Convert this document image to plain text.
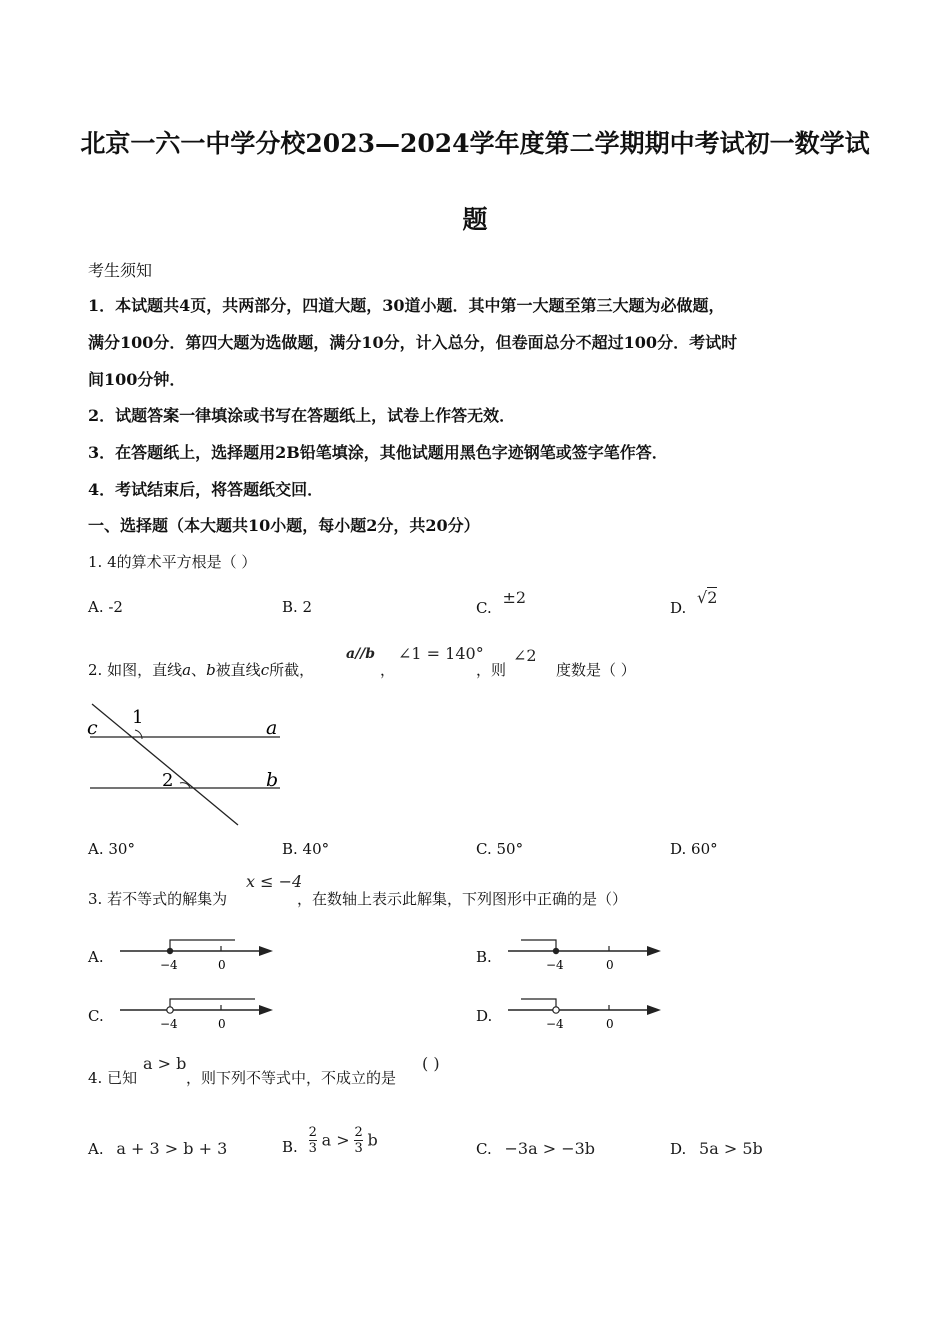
北京一六一中学分校2023—2024学年度第二学期期中考试初一数学试
题
考生须知
1．本试题共4页，共两部分，四道大题，30道小题．其中第一大题至第三大题为必做题，
满分100分．第四大题为选做题，满分10分，计入总分，但卷面总分不超过100分．考试时
间100分钟．
2．试题答案一律填涂或书写在答题纸上，试卷上作答无效．
3．在答题纸上，选择题用2B铅笔填涂，其他试题用黑色字迹钢笔或签字笔作答．
4．考试结束后，将答题纸交回．
一、选择题（本大题共10小题，每小题2分，共20分）
1. 4的算术平方根是（ ）
A. -2	B. 2	C. ±2
D. √2
2. 如图，直线a、b被直线c所截，
a//b
，
∠1 = 140°
，则
∠2
度数是（ ）
c 1	a
2	b
A. 30°	B. 40°	C. 50°	D. 60°
3. 若不等式的解集为
x ≤ −4
，在数轴上表示此解集，下列图形中正确的是（）
A.	−4	0	B.	−4	0
C.	−4	0	D.	−4	0
4. 已知
a > b
，则下列不等式中，不成立的是
( )
A. a + 3 > b + 3	B. $\frac{2}{3}$ $a > \frac{2}{3}$ b	C. −3a > −3b	D. 5a > 5b
